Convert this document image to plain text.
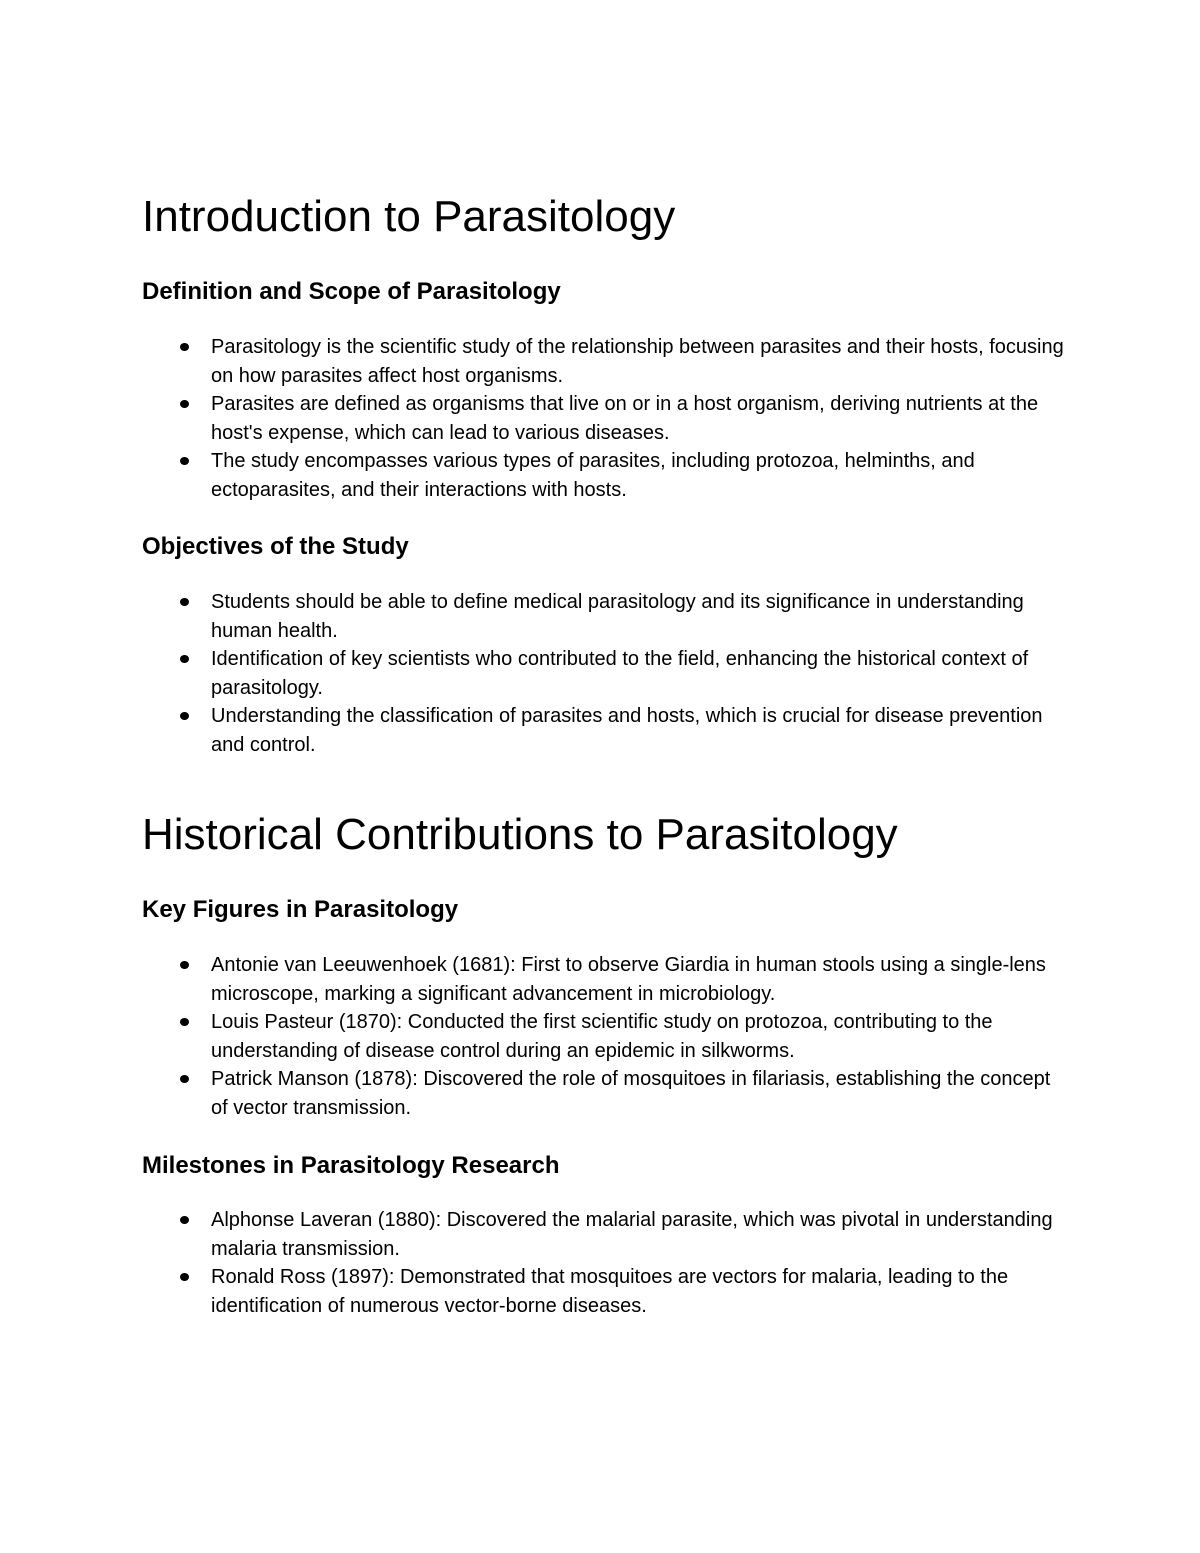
Introduction to Parasitology
Definition and Scope of Parasitology
Parasitology is the scientific study of the relationship between parasites and their hosts, focusing on how parasites affect host organisms.
Parasites are defined as organisms that live on or in a host organism, deriving nutrients at the host's expense, which can lead to various diseases.
The study encompasses various types of parasites, including protozoa, helminths, and ectoparasites, and their interactions with hosts.
Objectives of the Study
Students should be able to define medical parasitology and its significance in understanding human health.
Identification of key scientists who contributed to the field, enhancing the historical context of parasitology.
Understanding the classification of parasites and hosts, which is crucial for disease prevention and control.
Historical Contributions to Parasitology
Key Figures in Parasitology
Antonie van Leeuwenhoek (1681): First to observe Giardia in human stools using a single-lens microscope, marking a significant advancement in microbiology.
Louis Pasteur (1870): Conducted the first scientific study on protozoa, contributing to the understanding of disease control during an epidemic in silkworms.
Patrick Manson (1878): Discovered the role of mosquitoes in filariasis, establishing the concept of vector transmission.
Milestones in Parasitology Research
Alphonse Laveran (1880): Discovered the malarial parasite, which was pivotal in understanding malaria transmission.
Ronald Ross (1897): Demonstrated that mosquitoes are vectors for malaria, leading to the identification of numerous vector-borne diseases.
